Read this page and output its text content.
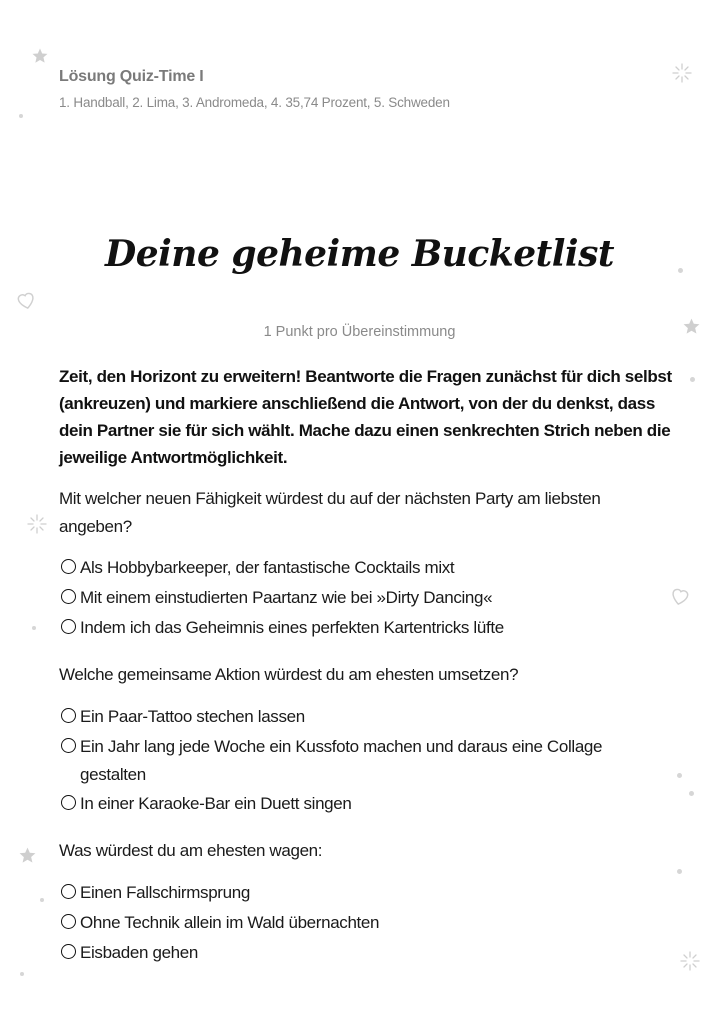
Lösung Quiz-Time I
1. Handball, 2. Lima, 3. Andromeda, 4. 35,74 Prozent, 5. Schweden
Deine geheime Bucketlist
1 Punkt pro Übereinstimmung
Zeit, den Horizont zu erweitern! Beantworte die Fragen zunächst für dich selbst (ankreuzen) und markiere anschließend die Antwort, von der du denkst, dass dein Partner sie für sich wählt. Mache dazu einen senkrechten Strich neben die jeweilige Antwortmöglichkeit.
Mit welcher neuen Fähigkeit würdest du auf der nächsten Party am liebsten angeben?
Als Hobbybarkeeper, der fantastische Cocktails mixt
Mit einem einstudierten Paartanz wie bei »Dirty Dancing«
Indem ich das Geheimnis eines perfekten Kartentricks lüfte
Welche gemeinsame Aktion würdest du am ehesten umsetzen?
Ein Paar-Tattoo stechen lassen
Ein Jahr lang jede Woche ein Kussfoto machen und daraus eine Collage gestalten
In einer Karaoke-Bar ein Duett singen
Was würdest du am ehesten wagen:
Einen Fallschirmsprung
Ohne Technik allein im Wald übernachten
Eisbaden gehen
